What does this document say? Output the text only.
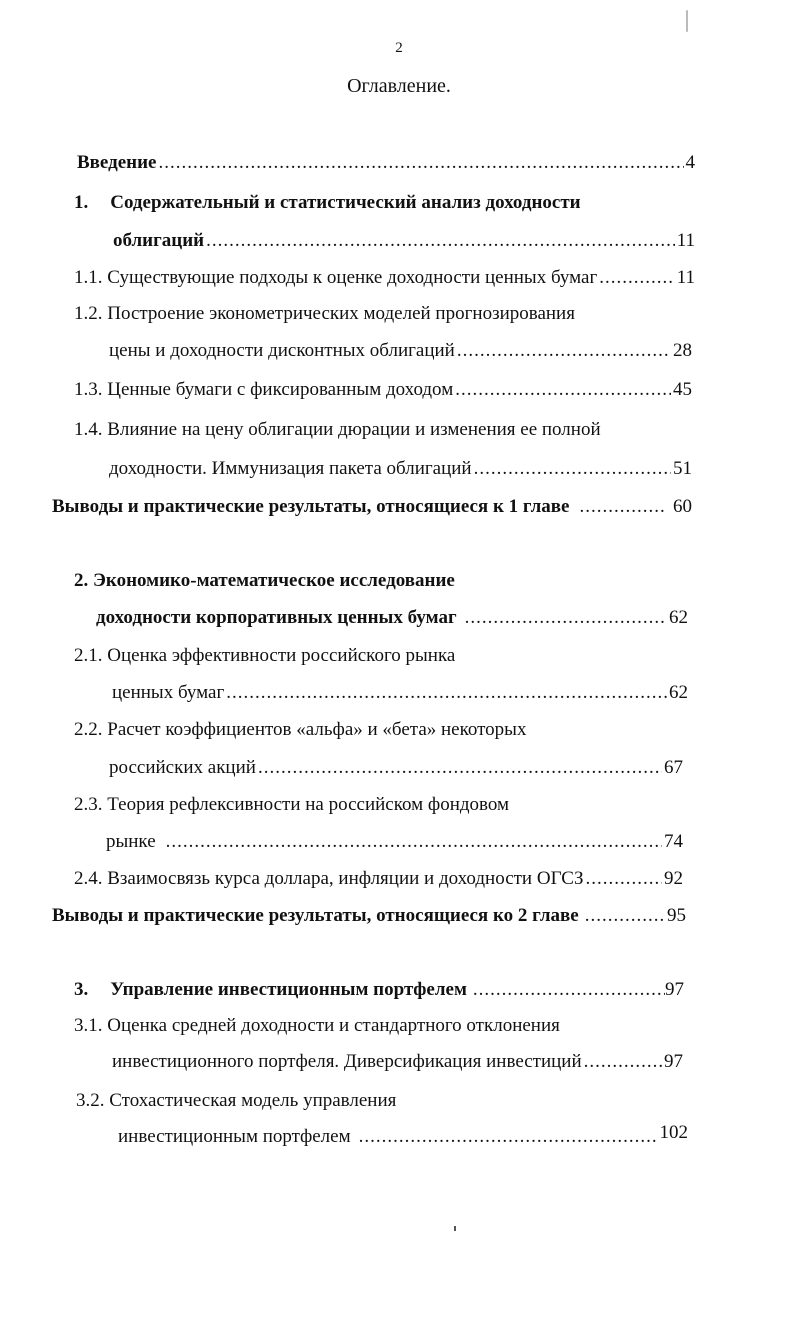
2
Оглавление.
Введение .....	4
1. Содержательный и статистический анализ доходности
облигаций .....	11
1.1. Существующие подходы к оценке доходности ценных бумаг .....	11
1.2. Построение эконометрических моделей прогнозирования
цены и доходности дисконтных облигаций .....	28
1.3. Ценные бумаги с фиксированным доходом .....	45
1.4. Влияние на цену облигации дюрации и изменения ее полной
доходности. Иммунизация пакета облигаций .....	51
Выводы и практические результаты, относящиеся к 1 главе .....	60
2. Экономико-математическое исследование
доходности корпоративных ценных бумаг .....	62
2.1. Оценка эффективности российского рынка
ценных бумаг .....	62
2.2. Расчет коэффициентов «альфа» и «бета» некоторых
российских акций .....	67
2.3. Теория рефлексивности на российском фондовом
рынке .....	74
2.4. Взаимосвязь курса доллара, инфляции и доходности ОГСЗ .....	92
Выводы и практические результаты, относящиеся ко 2 главе .....	95
3. Управление инвестиционным портфелем .....	97
3.1. Оценка средней доходности и стандартного отклонения
инвестиционного портфеля. Диверсификация инвестиций .....	97
3.2. Стохастическая модель управления
инвестиционным портфелем .....	102
